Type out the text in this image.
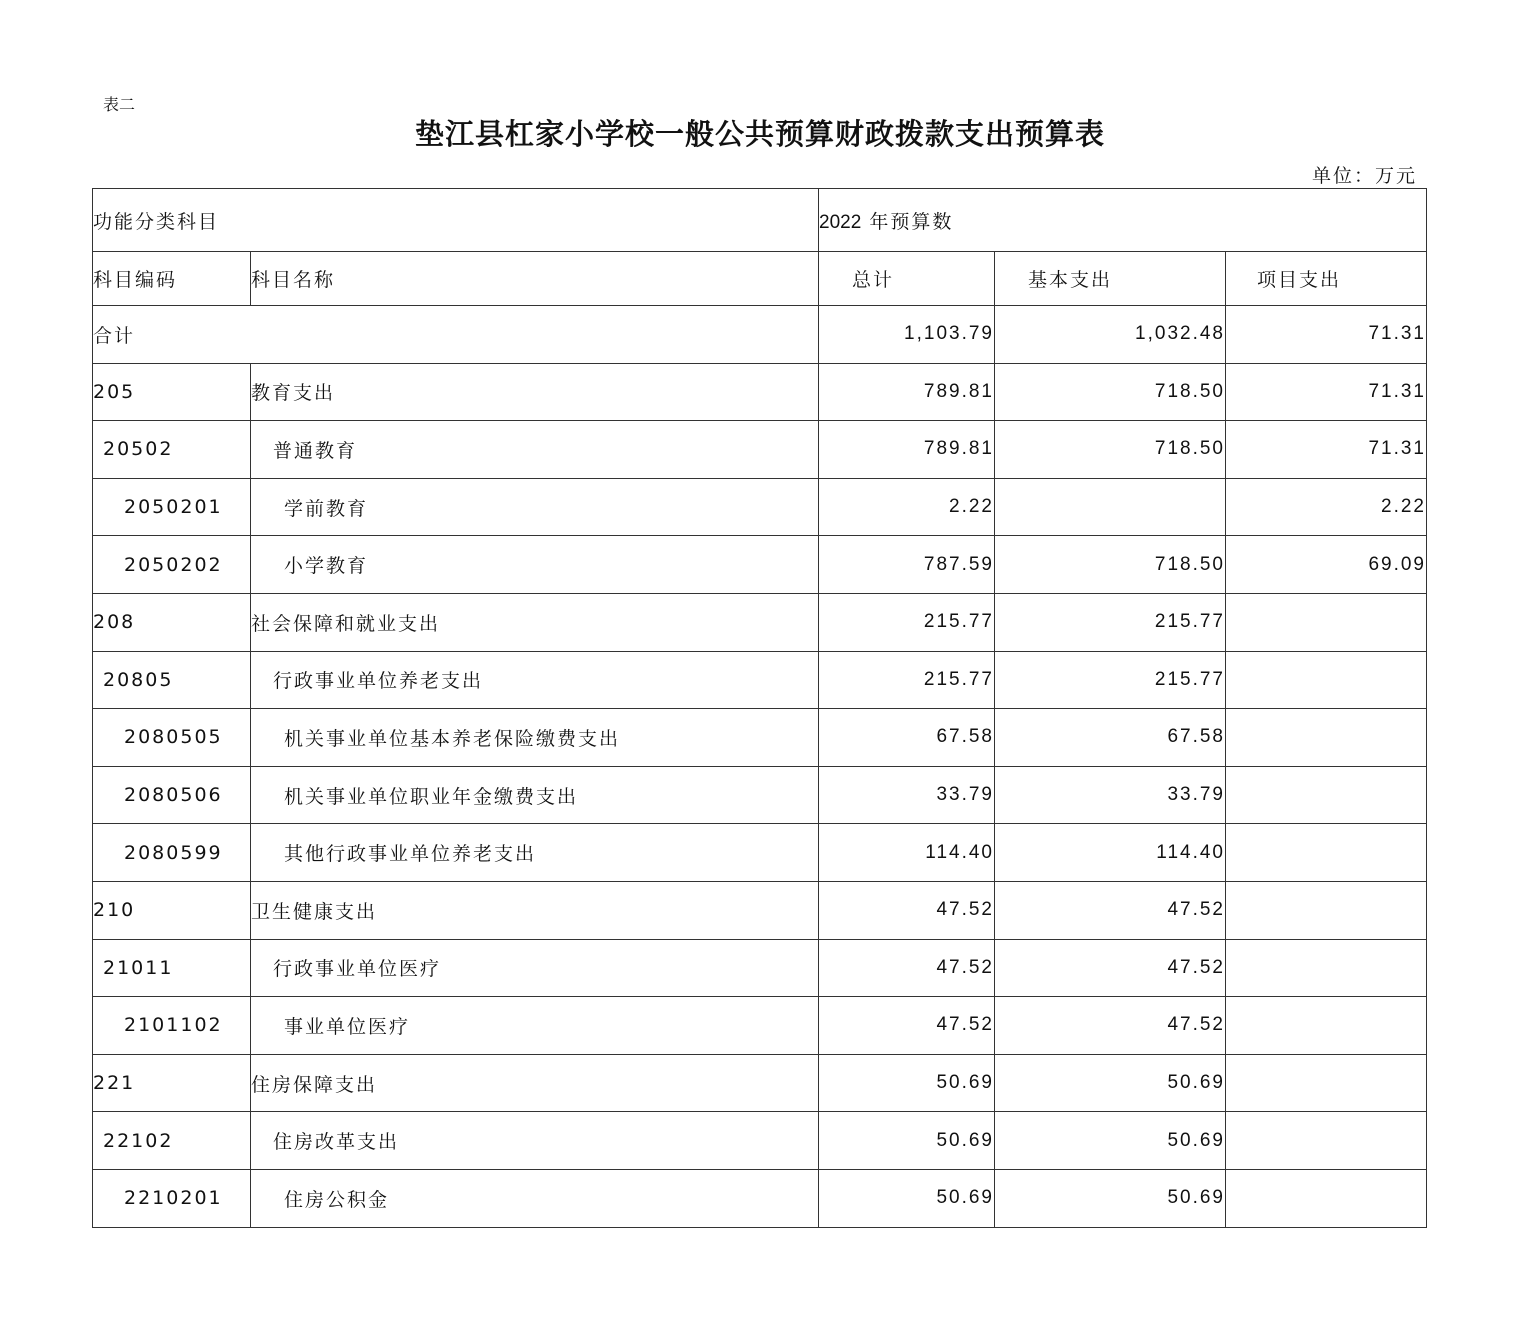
表二
垫江县杠家小学校一般公共预算财政拨款支出预算表
单位：万元
功能分类科目		2022 年预算数		
科目编码	科目名称	总计	基本支出	项目支出
合计		1,103.79	1,032.48	71.31
205	教育支出	789.81	718.50	71.31
20502	普通教育	789.81	718.50	71.31
2050201	学前教育	2.22		2.22
2050202	小学教育	787.59	718.50	69.09
208	社会保障和就业支出	215.77	215.77	
20805	行政事业单位养老支出	215.77	215.77	
2080505	机关事业单位基本养老保险缴费支出	67.58	67.58	
2080506	机关事业单位职业年金缴费支出	33.79	33.79	
2080599	其他行政事业单位养老支出	114.40	114.40	
210	卫生健康支出	47.52	47.52	
21011	行政事业单位医疗	47.52	47.52	
2101102	事业单位医疗	47.52	47.52	
221	住房保障支出	50.69	50.69	
22102	住房改革支出	50.69	50.69	
2210201	住房公积金	50.69	50.69	
